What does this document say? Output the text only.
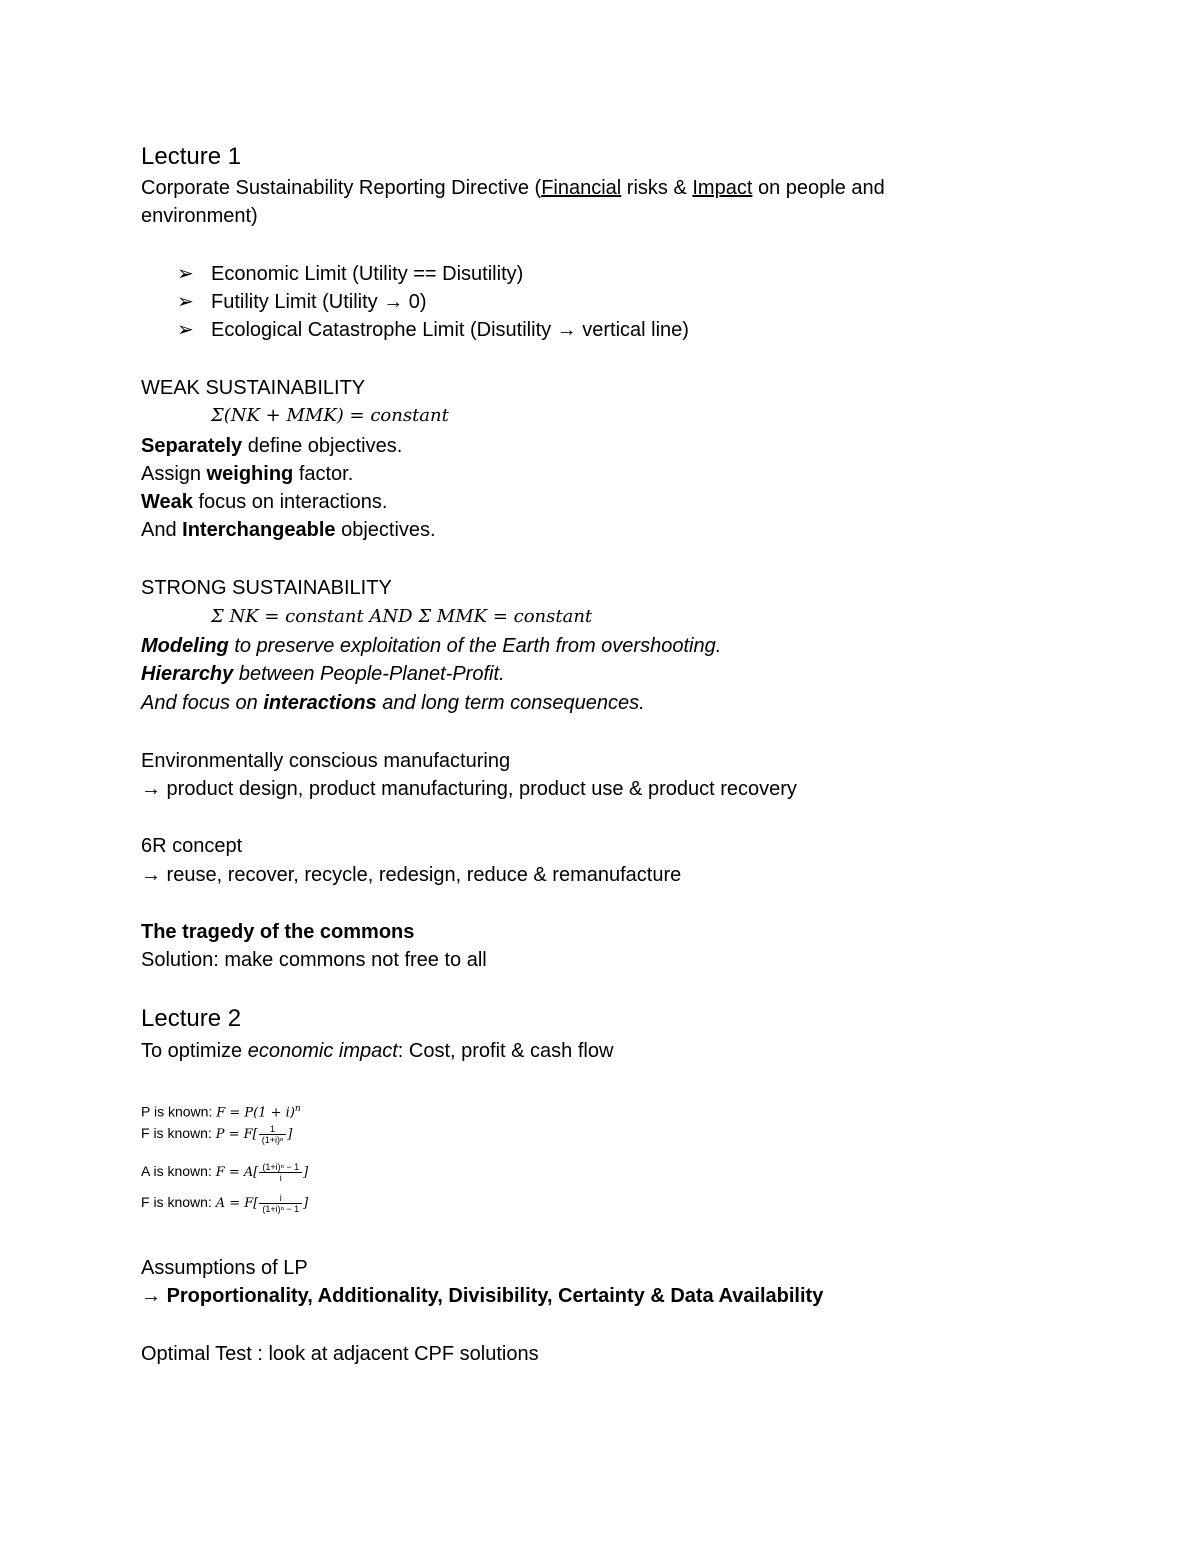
Lecture 1
Corporate Sustainability Reporting Directive (Financial risks & Impact on people and
environment)
➢ Economic Limit (Utility == Disutility)
➢ Futility Limit (Utility → 0)
➢ Ecological Catastrophe Limit (Disutility → vertical line)
WEAK SUSTAINABILITY
Σ(NK + MMK) = constant
Separately define objectives.
Assign weighing factor.
Weak focus on interactions.
And Interchangeable objectives.
STRONG SUSTAINABILITY
Σ NK = constant AND Σ MMK = constant
Modeling to preserve exploitation of the Earth from overshooting.
Hierarchy between People-Planet-Profit.
And focus on interactions and long term consequences.
Environmentally conscious manufacturing
→ product design, product manufacturing, product use & product recovery
6R concept
→ reuse, recover, recycle, redesign, reduce & remanufacture
The tragedy of the commons
Solution: make commons not free to all
Lecture 2
To optimize economic impact: Cost, profit & cash flow
P is known: $F = P(1 + i)^n$
F is known: $P = F[ \frac{1}{\text{(1+i)ⁿ}}$ ]
A is known: $F = A[ \frac{\text{(1+i)ⁿ − 1}}{i}$ ]
F is known: $A = F[ \frac{i}{\text{(1+i)ⁿ − 1}}$ ]
Assumptions of LP
→ Proportionality, Additionality, Divisibility, Certainty & Data Availability
Optimal Test : look at adjacent CPF solutions
